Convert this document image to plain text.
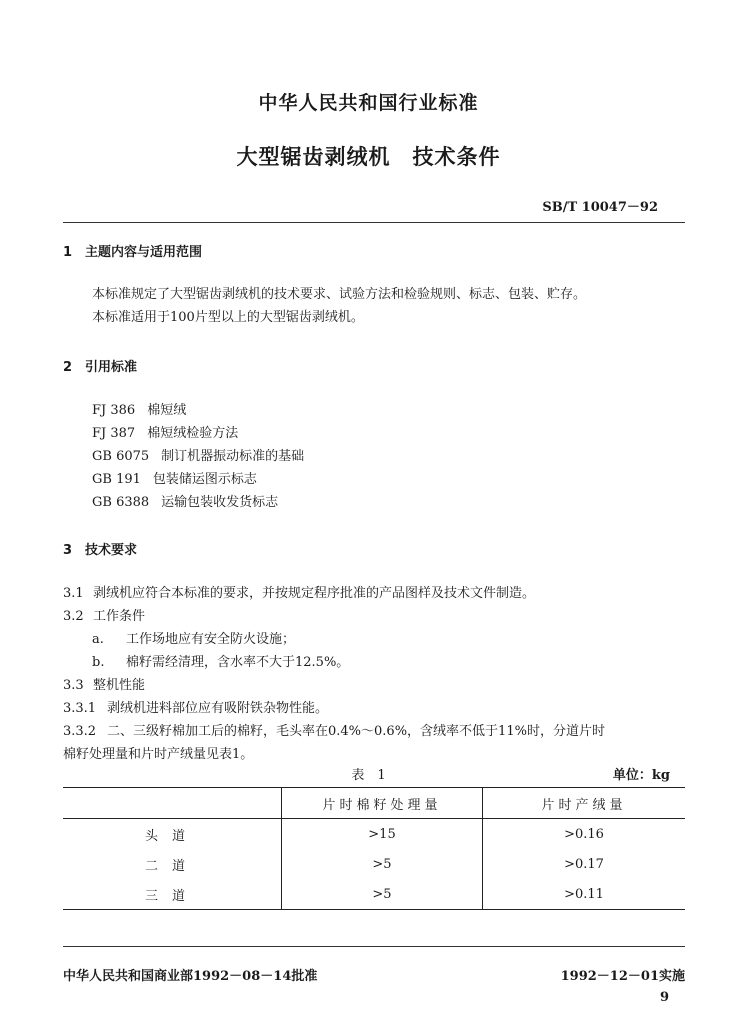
中华人民共和国行业标准
大型锯齿剥绒机　技术条件
SB/T 10047－92
1 主题内容与适用范围
本标准规定了大型锯齿剥绒机的技术要求、试验方法和检验规则、标志、包装、贮存。
本标准适用于100片型以上的大型锯齿剥绒机。
2 引用标准
FJ 386 棉短绒
FJ 387 棉短绒检验方法
GB 6075 制订机器振动标准的基础
GB 191 包装储运图示标志
GB 6388 运输包装收发货标志
3 技术要求
3.1 剥绒机应符合本标准的要求，并按规定程序批准的产品图样及技术文件制造。
3.2 工作条件
a. 工作场地应有安全防火设施；
b. 棉籽需经清理，含水率不大于12.5%。
3.3 整机性能
3.3.1 剥绒机进料部位应有吸附铁杂物性能。
3.3.2 二、三级籽棉加工后的棉籽，毛头率在0.4%～0.6%，含绒率不低于11%时，分道片时
棉籽处理量和片时产绒量见表1。
表　1	单位：kg
	片时棉籽处理量	片时产绒量
头道	>15	>0.16
二道	>5	>0.17
三道	>5	>0.11
中华人民共和国商业部1992－08－14批准	1992－12－01实施
9
